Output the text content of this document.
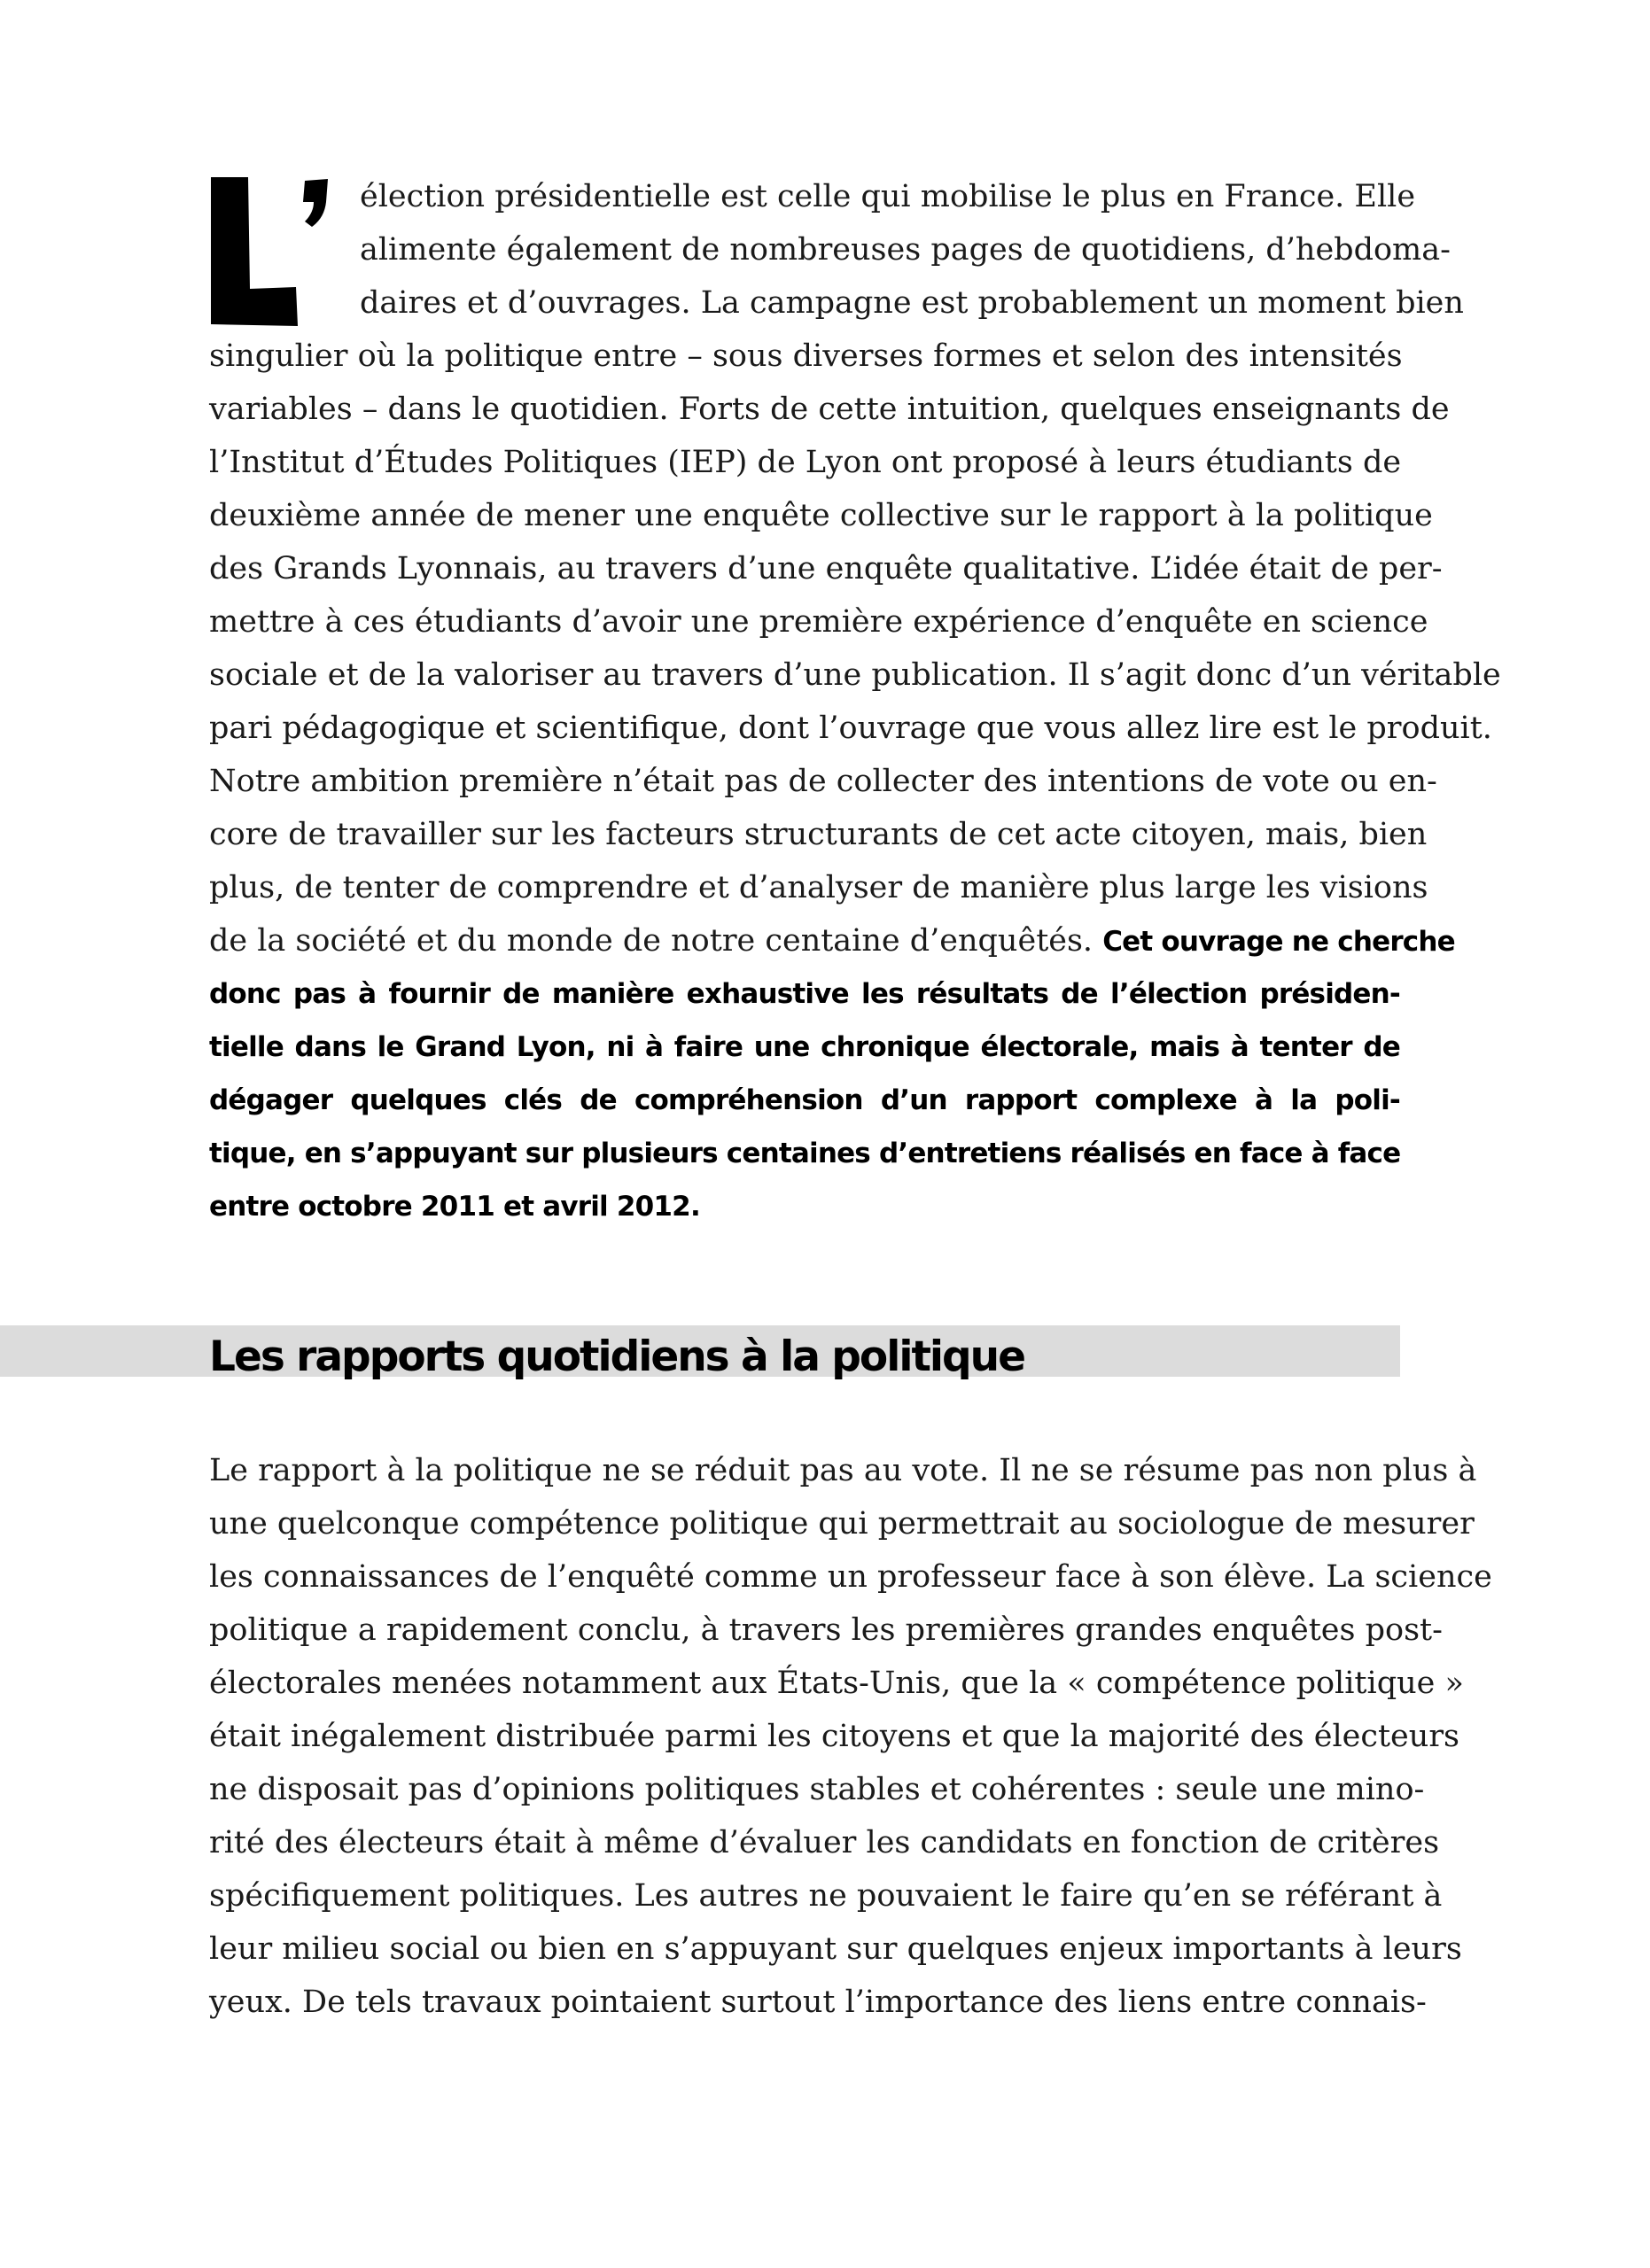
élection présidentielle est celle qui mobilise le plus en France. Elle
alimente également de nombreuses pages de quotidiens, d’hebdoma-
daires et d’ouvrages. La campagne est probablement un moment bien
singulier où la politique entre – sous diverses formes et selon des intensités
variables – dans le quotidien. Forts de cette intuition, quelques enseignants de
l’Institut d’Études Politiques (IEP) de Lyon ont proposé à leurs étudiants de
deuxième année de mener une enquête collective sur le rapport à la politique
des Grands Lyonnais, au travers d’une enquête qualitative. L’idée était de per-
mettre à ces étudiants d’avoir une première expérience d’enquête en science
sociale et de la valoriser au travers d’une publication. Il s’agit donc d’un véritable
pari pédagogique et scientifique, dont l’ouvrage que vous allez lire est le produit.
Notre ambition première n’était pas de collecter des intentions de vote ou en-
core de travailler sur les facteurs structurants de cet acte citoyen, mais, bien
plus, de tenter de comprendre et d’analyser de manière plus large les visions
de la société et du monde de notre centaine d’enquêtés. Cet ouvrage ne cherche
donc pas à fournir de manière exhaustive les résultats de l’élection présiden-
tielle dans le Grand Lyon, ni à faire une chronique électorale, mais à tenter de
dégager quelques clés de compréhension d’un rapport complexe à la poli-
tique, en s’appuyant sur plusieurs centaines d’entretiens réalisés en face à face
entre octobre 2011 et avril 2012.
Les rapports quotidiens à la politique
Le rapport à la politique ne se réduit pas au vote. Il ne se résume pas non plus à
une quelconque compétence politique qui permettrait au sociologue de mesurer
les connaissances de l’enquêté comme un professeur face à son élève. La science
politique a rapidement conclu, à travers les premières grandes enquêtes post-
électorales menées notamment aux États-Unis, que la « compétence politique »
était inégalement distribuée parmi les citoyens et que la majorité des électeurs
ne disposait pas d’opinions politiques stables et cohérentes : seule une mino-
rité des électeurs était à même d’évaluer les candidats en fonction de critères
spécifiquement politiques. Les autres ne pouvaient le faire qu’en se référant à
leur milieu social ou bien en s’appuyant sur quelques enjeux importants à leurs
yeux. De tels travaux pointaient surtout l’importance des liens entre connais-
